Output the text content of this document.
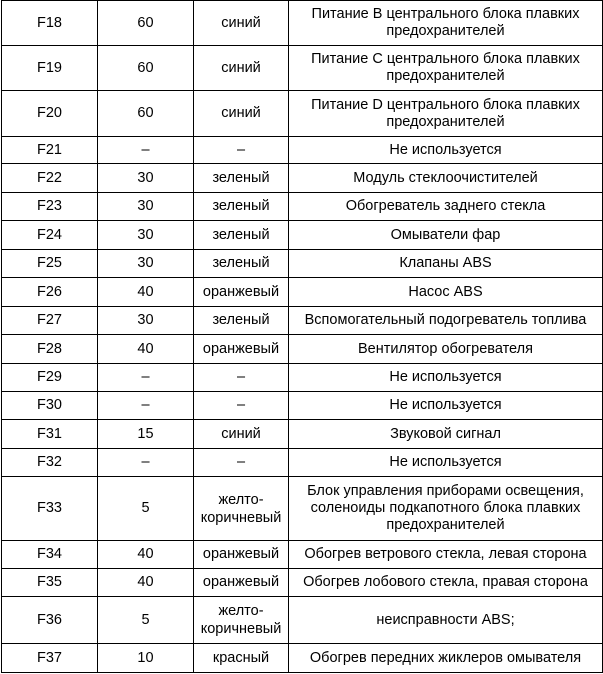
F18	60	синий	Питание В центрального блока плавких предохранителей
F19	60	синий	Питание С центрального блока плавких предохранителей
F20	60	синий	Питание D центрального блока плавких предохранителей
F21	–	–	Не используется
F22	30	зеленый	Модуль стеклоочистителей
F23	30	зеленый	Обогреватель заднего стекла
F24	30	зеленый	Омыватели фар
F25	30	зеленый	Клапаны ABS
F26	40	оранжевый	Насос ABS
F27	30	зеленый	Вспомогательный подогреватель топлива
F28	40	оранжевый	Вентилятор обогревателя
F29	–	–	Не используется
F30	–	–	Не используется
F31	15	синий	Звуковой сигнал
F32	–	–	Не используется
F33	5	желто-коричневый	Блок управления приборами освещения, соленоиды подкапотного блока плавких предохранителей
F34	40	оранжевый	Обогрев ветрового стекла, левая сторона
F35	40	оранжевый	Обогрев лобового стекла, правая сторона
F36	5	желто-коричневый	неисправности ABS;
F37	10	красный	Обогрев передних жиклеров омывателя
